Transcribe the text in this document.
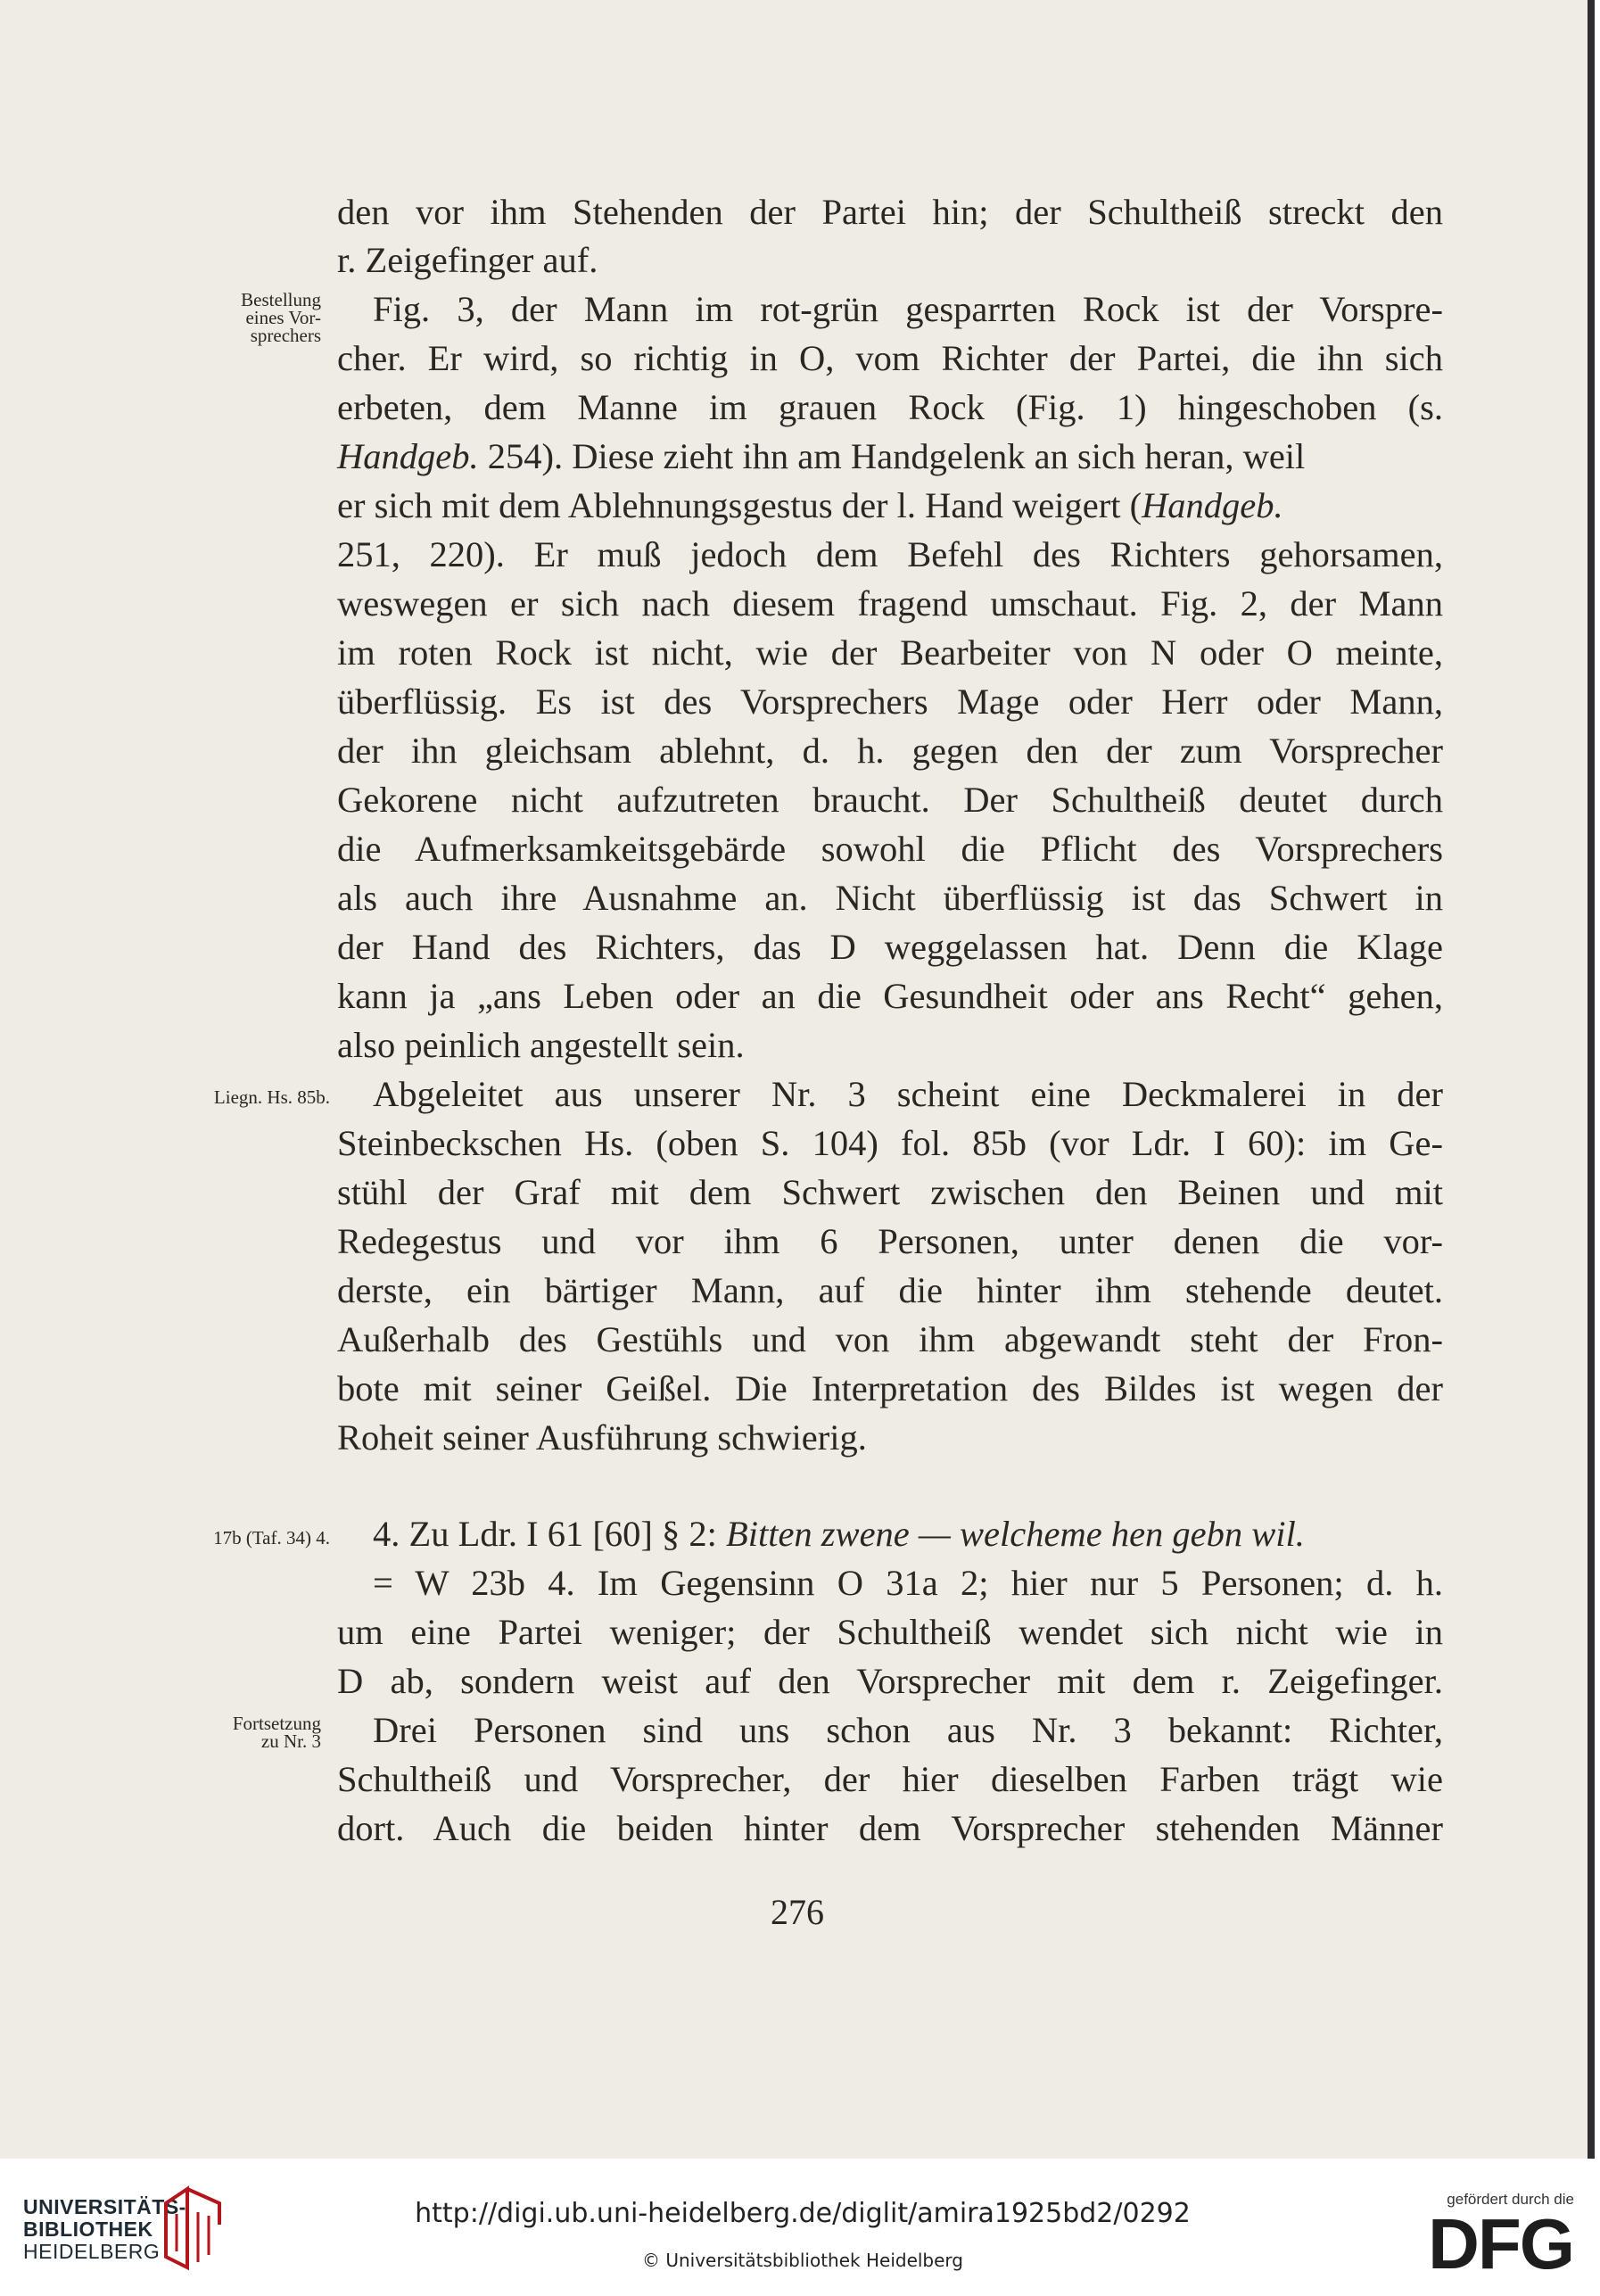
Bestellung
eines Vor-
sprechers
Liegn. Hs. 85b.
17b (Taf. 34) 4.
Fortsetzung
zu Nr. 3
den vor ihm Stehenden der Partei hin; der Schultheiß streckt den
r. Zeigefinger auf.
Fig. 3, der Mann im rot-grün gesparrten Rock ist der Vorspre-
cher. Er wird, so richtig in O, vom Richter der Partei, die ihn sich
erbeten, dem Manne im grauen Rock (Fig. 1) hingeschoben (s.
Handgeb. 254). Diese zieht ihn am Handgelenk an sich heran, weil
er sich mit dem Ablehnungsgestus der l. Hand weigert (Handgeb.
251, 220). Er muß jedoch dem Befehl des Richters gehorsamen,
weswegen er sich nach diesem fragend umschaut. Fig. 2, der Mann
im roten Rock ist nicht, wie der Bearbeiter von N oder O meinte,
überflüssig. Es ist des Vorsprechers Mage oder Herr oder Mann,
der ihn gleichsam ablehnt, d. h. gegen den der zum Vorsprecher
Gekorene nicht aufzutreten braucht. Der Schultheiß deutet durch
die Aufmerksamkeitsgebärde sowohl die Pflicht des Vorsprechers
als auch ihre Ausnahme an. Nicht überflüssig ist das Schwert in
der Hand des Richters, das D weggelassen hat. Denn die Klage
kann ja „ans Leben oder an die Gesundheit oder ans Recht“ gehen,
also peinlich angestellt sein.
Abgeleitet aus unserer Nr. 3 scheint eine Deckmalerei in der
Steinbeckschen Hs. (oben S. 104) fol. 85b (vor Ldr. I 60): im Ge-
stühl der Graf mit dem Schwert zwischen den Beinen und mit
Redegestus und vor ihm 6 Personen, unter denen die vor-
derste, ein bärtiger Mann, auf die hinter ihm stehende deutet.
Außerhalb des Gestühls und von ihm abgewandt steht der Fron-
bote mit seiner Geißel. Die Interpretation des Bildes ist wegen der
Roheit seiner Ausführung schwierig.
4. Zu Ldr. I 61 [60] § 2: Bitten zwene — welcheme hen gebn wil.
= W 23b 4. Im Gegensinn O 31a 2; hier nur 5 Personen; d. h.
um eine Partei weniger; der Schultheiß wendet sich nicht wie in
D ab, sondern weist auf den Vorsprecher mit dem r. Zeigefinger.
Drei Personen sind uns schon aus Nr. 3 bekannt: Richter,
Schultheiß und Vorsprecher, der hier dieselben Farben trägt wie
dort. Auch die beiden hinter dem Vorsprecher stehenden Männer
276
UNIVERSITÄTS-
BIBLIOTHEK
HEIDELBERG
http://digi.ub.uni-heidelberg.de/diglit/amira1925bd2/0292
© Universitätsbibliothek Heidelberg
gefördert durch die
DFG
